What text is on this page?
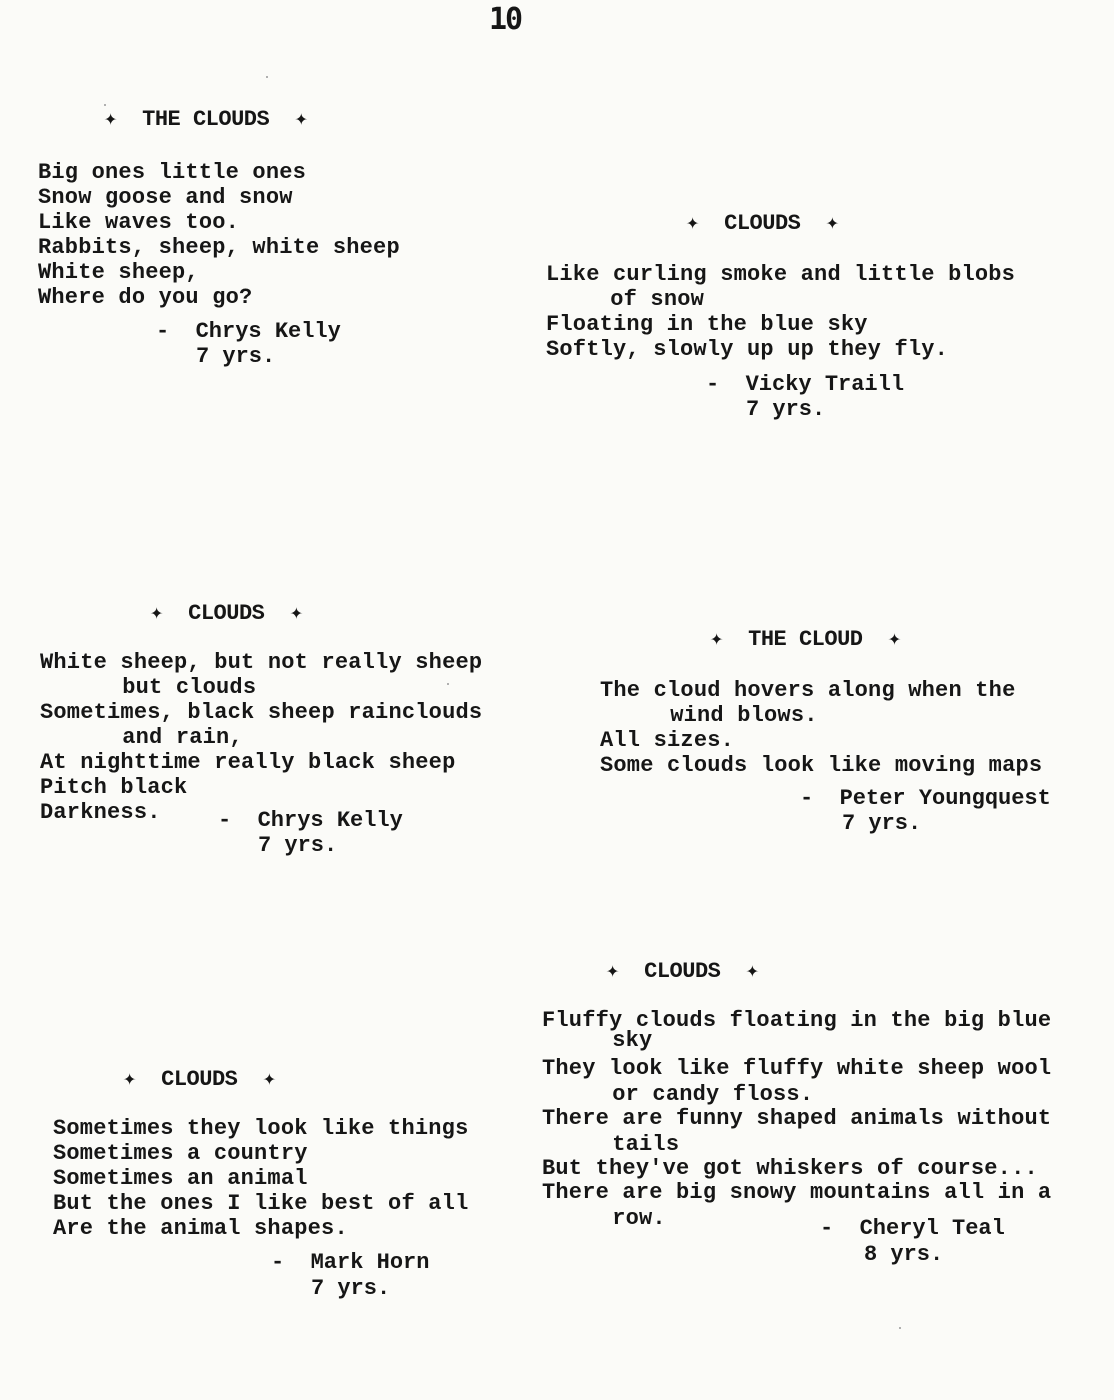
10
✦  THE CLOUDS  ✦
Big ones little ones
Snow goose and snow
Like waves too.
Rabbits, sheep, white sheep
White sheep,
Where do you go?
-  Chrys Kelly
7 yrs.
✦  CLOUDS  ✦
Like curling smoke and little blobs
of snow
Floating in the blue sky
Softly, slowly up up they fly.
-  Vicky Traill
7 yrs.
✦  CLOUDS  ✦
White sheep, but not really sheep
but clouds
Sometimes, black sheep rainclouds
and rain,
At nighttime really black sheep
Pitch black
Darkness.	-  Chrys Kelly
7 yrs.
✦  THE CLOUD  ✦
The cloud hovers along when the
wind blows.
All sizes.
Some clouds look like moving maps
-  Peter Youngquest
7 yrs.
✦  CLOUDS  ✦
Fluffy clouds floating in the big blue
sky
They look like fluffy white sheep wool
or candy floss.
There are funny shaped animals without
tails
But they've got whiskers of course...
There are big snowy mountains all in a
row.	-  Cheryl Teal
8 yrs.
✦  CLOUDS  ✦
Sometimes they look like things
Sometimes a country
Sometimes an animal
But the ones I like best of all
Are the animal shapes.
-  Mark Horn
7 yrs.
